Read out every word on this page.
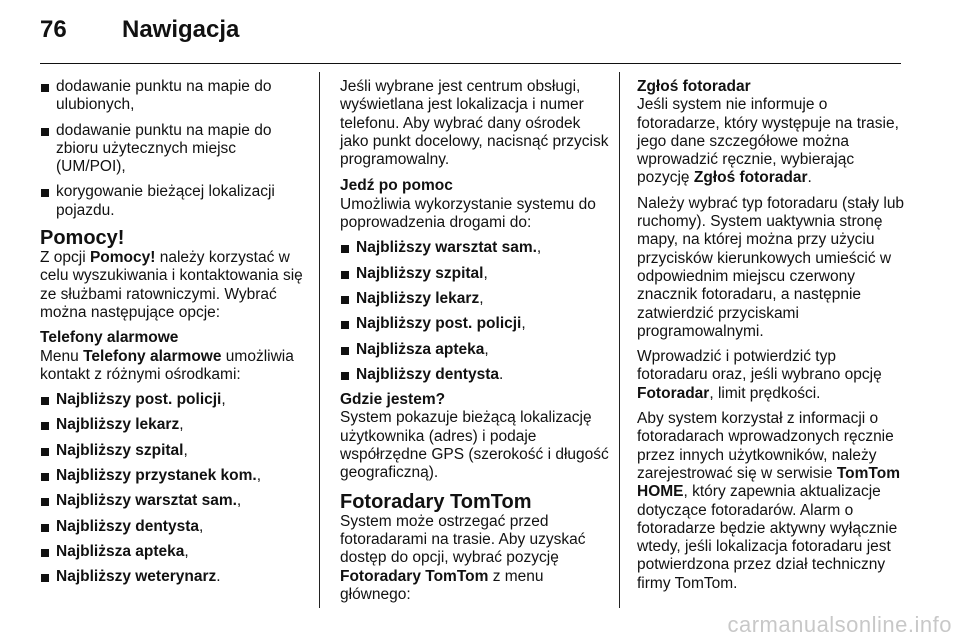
76 Nawigacja
dodawanie punktu na mapie do ulubionych,
dodawanie punktu na mapie do zbioru użytecznych miejsc (UM/POI),
korygowanie bieżącej lokalizacji pojazdu.
Pomocy!

Z opcji Pomocy! należy korzystać w celu wyszukiwania i kontaktowania się ze służbami ratowniczymi. Wybrać można następujące opcje:

Telefony alarmowe

Menu Telefony alarmowe umożliwia kontakt z różnymi ośrodkami:

Najbliższy post. policji,
Najbliższy lekarz,
Najbliższy szpital,
Najbliższy przystanek kom.,
Najbliższy warsztat sam.,
Najbliższy dentysta,
Najbliższa apteka,
Najbliższy weterynarz.

Jeśli wybrane jest centrum obsługi, wyświetlana jest lokalizacja i numer telefonu. Aby wybrać dany ośrodek jako punkt docelowy, nacisnąć przycisk programowalny.

Jedź po pomoc

Umożliwia wykorzystanie systemu do poprowadzenia drogami do:

Najbliższy warsztat sam.,
Najbliższy szpital,
Najbliższy lekarz,
Najbliższy post. policji,
Najbliższa apteka,
Najbliższy dentysta.
Gdzie jestem?

System pokazuje bieżącą lokalizację użytkownika (adres) i podaje współrzędne GPS (szerokość i długość geograficzną).

Fotoradary TomTom

System może ostrzegać przed fotoradarami na trasie. Aby uzyskać dostęp do opcji, wybrać pozycję Fotoradary TomTom z menu głównego:

Zgłoś fotoradar

Jeśli system nie informuje o fotoradarze, który występuje na trasie, jego dane szczegółowe można wprowadzić ręcznie, wybierając pozycję Zgłoś fotoradar.

Należy wybrać typ fotoradaru (stały lub ruchomy). System uaktywnia stronę mapy, na której można przy użyciu przycisków kierunkowych umieścić w odpowiednim miejscu czerwony znacznik fotoradaru, a następnie zatwierdzić przyciskami programowalnymi.

Wprowadzić i potwierdzić typ fotoradaru oraz, jeśli wybrano opcję Fotoradar, limit prędkości.

Aby system korzystał z informacji o fotoradarach wprowadzonych ręcznie przez innych użytkowników, należy zarejestrować się w serwisie TomTom HOME, który zapewnia aktualizacje dotyczące fotoradarów. Alarm o fotoradarze będzie aktywny wyłącznie wtedy, jeśli lokalizacja fotoradaru jest potwierdzona przez dział techniczny firmy TomTom.

carmanualsonline.info
